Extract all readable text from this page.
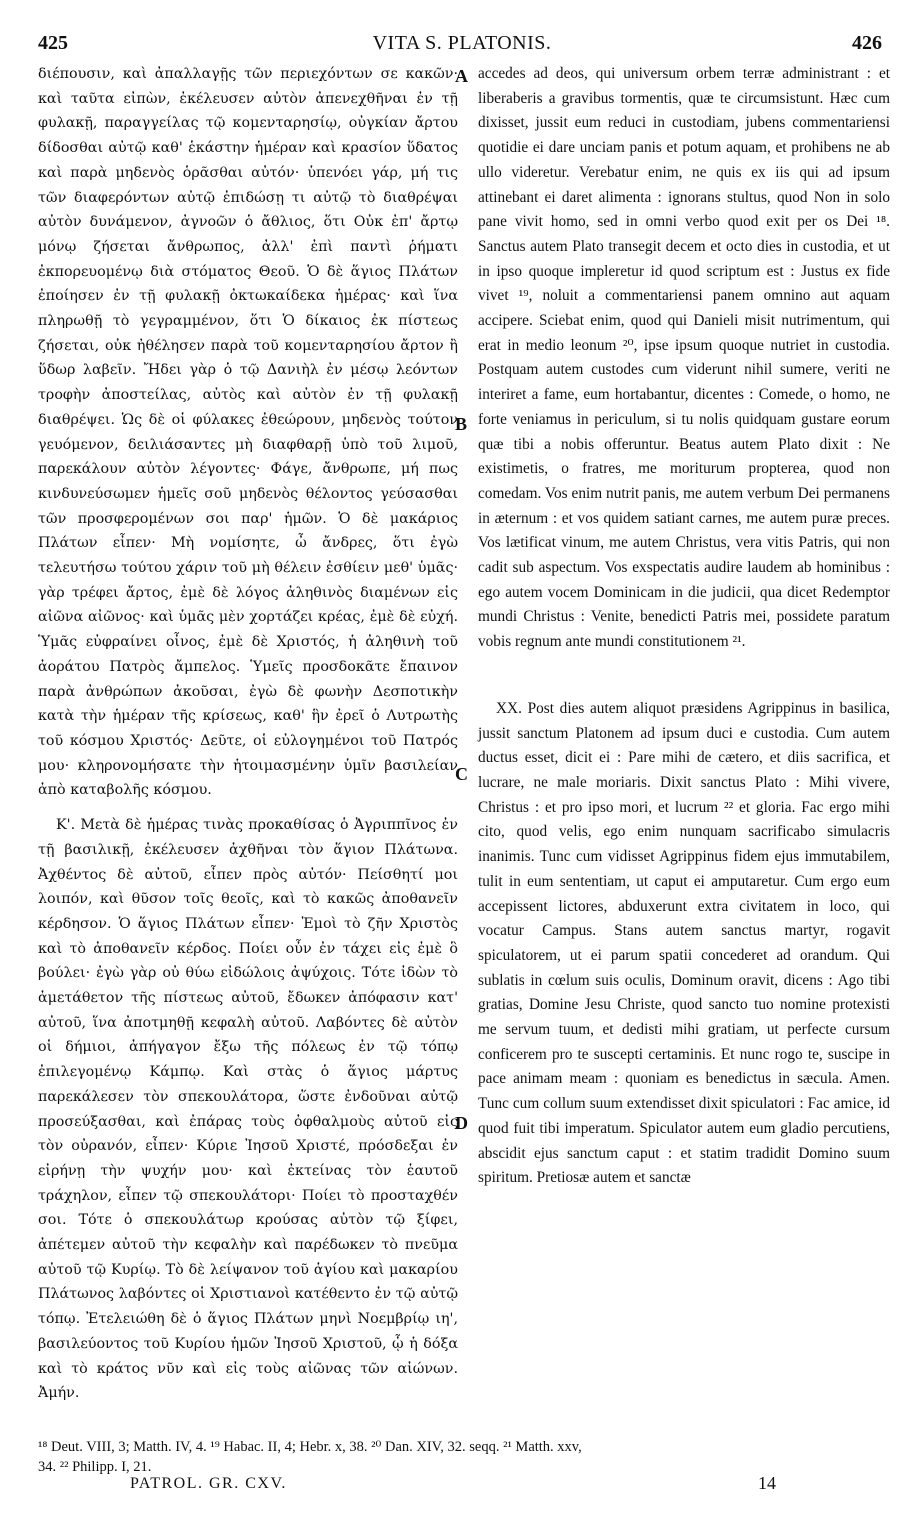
425	VITA S. PLATONIS.	426

διέπουσιν, καὶ ἀπαλλαγῇς τῶν περιεχόντων σε κακῶν· καὶ ταῦτα εἰπὼν, ἐκέλευσεν αὐτὸν ἀπενεχθῆναι ἐν τῇ φυλακῇ, παραγγείλας τῷ κομενταρησίῳ, οὐγκίαν ἄρτου δίδοσθαι αὐτῷ καθ' ἑκάστην ἡμέραν καὶ κρασίον ὕδατος καὶ παρὰ μηδενὸς ὁρᾶσθαι αὐτόν· ὑπενόει γάρ, μή τις τῶν διαφερόντων αὐτῷ ἐπιδώσῃ τι αὐτῷ τὸ διαθρέψαι αὐτὸν δυνάμενον, ἀγνοῶν ὁ ἄθλιος, ὅτι Οὐκ ἐπ' ἄρτῳ μόνῳ ζήσεται ἄνθρωπος, ἀλλ' ἐπὶ παντὶ ῥήματι ἐκπορευομένῳ διὰ στόματος Θεοῦ. Ὁ δὲ ἅγιος Πλάτων ἐποίησεν ἐν τῇ φυλακῇ ὀκτωκαίδεκα ἡμέρας· καὶ ἵνα πληρωθῇ τὸ γεγραμμένον, ὅτι Ὁ δίκαιος ἐκ πίστεως ζήσεται, οὐκ ἠθέλησεν παρὰ τοῦ κομενταρησίου ἄρτον ἢ ὕδωρ λαβεῖν. Ἤδει γὰρ ὁ τῷ Δανιὴλ ἐν μέσῳ λεόντων τροφὴν ἀποστείλας, αὐτὸς καὶ αὐτὸν ἐν τῇ φυλακῇ διαθρέψει. Ὡς δὲ οἱ φύλακες ἐθεώρουν, μηδενὸς τούτον γευόμενον, δειλιάσαντες μὴ διαφθαρῇ ὑπὸ τοῦ λιμοῦ, παρεκάλουν αὐτὸν λέγοντες· Φάγε, ἄνθρωπε, μή πως κινδυνεύσωμεν ἡμεῖς σοῦ μηδενὸς θέλοντος γεύσασθαι τῶν προσφερομένων σοι παρ' ἡμῶν. Ὁ δὲ μακάριος Πλάτων εἶπεν· Μὴ νομίσητε, ὦ ἄνδρες, ὅτι ἐγὼ τελευτήσω τούτου χάριν τοῦ μὴ θέλειν ἐσθίειν μεθ' ὑμᾶς· γὰρ τρέφει ἄρτος, ἐμὲ δὲ λόγος ἀληθινὸς διαμένων εἰς αἰῶνα αἰῶνος· καὶ ὑμᾶς μὲν χορτάζει κρέας, ἐμὲ δὲ εὐχή. Ὑμᾶς εὐφραίνει οἶνος, ἐμὲ δὲ Χριστός, ἡ ἀληθινὴ τοῦ ἀοράτου Πατρὸς ἄμπελος. Ὑμεῖς προσδοκᾶτε ἔπαινον παρὰ ἀνθρώπων ἀκοῦσαι, ἐγὼ δὲ φωνὴν Δεσποτικὴν κατὰ τὴν ἡμέραν τῆς κρίσεως, καθ' ἣν ἐρεῖ ὁ Λυτρωτὴς τοῦ κόσμου Χριστός· Δεῦτε, οἱ εὐλογημένοι τοῦ Πατρός μου· κληρονομήσατε τὴν ἡτοιμασμένην ὑμῖν βασιλείαν ἀπὸ καταβολῆς κόσμου.

Κ'. Μετὰ δὲ ἡμέρας τινὰς προκαθίσας ὁ Ἀγριππῖνος ἐν τῇ βασιλικῇ, ἐκέλευσεν ἀχθῆναι τὸν ἅγιον Πλάτωνα. Ἀχθέντος δὲ αὐτοῦ, εἶπεν πρὸς αὐτόν· Πείσθητί μοι λοιπόν, καὶ θῦσον τοῖς θεοῖς, καὶ τὸ κακῶς ἀποθανεῖν κέρδησον. Ὁ ἅγιος Πλάτων εἶπεν· Ἐμοὶ τὸ ζῆν Χριστὸς καὶ τὸ ἀποθανεῖν κέρδος. Ποίει οὖν ἐν τάχει εἰς ἐμὲ ὃ βούλει· ἐγὼ γὰρ οὐ θύω εἰδώλοις ἀψύχοις. Τότε ἰδὼν τὸ ἀμετάθετον τῆς πίστεως αὐτοῦ, ἔδωκεν ἀπόφασιν κατ' αὐτοῦ, ἵνα ἀποτμηθῇ κεφαλὴ αὐτοῦ. Λαβόντες δὲ αὐτὸν οἱ δήμιοι, ἀπήγαγον ἔξω τῆς πόλεως ἐν τῷ τόπῳ ἐπιλεγομένῳ Κάμπῳ. Καὶ στὰς ὁ ἅγιος μάρτυς παρεκάλεσεν τὸν σπεκουλάτορα, ὥστε ἐνδοῦναι αὐτῷ προσεύξασθαι, καὶ ἐπάρας τοὺς ὀφθαλμοὺς αὐτοῦ εἰς τὸν οὐρανόν, εἶπεν· Κύριε Ἰησοῦ Χριστέ, πρόσδεξαι ἐν εἰρήνῃ τὴν ψυχήν μου· καὶ ἐκτείνας τὸν ἑαυτοῦ τράχηλον, εἶπεν τῷ σπεκουλάτορι· Ποίει τὸ προσταχθέν σοι. Τότε ὁ σπεκουλάτωρ κρούσας αὐτὸν τῷ ξίφει, ἀπέτεμεν αὐτοῦ τὴν κεφαλὴν καὶ παρέδωκεν τὸ πνεῦμα αὐτοῦ τῷ Κυρίῳ. Τὸ δὲ λείψανον τοῦ ἁγίου καὶ μακαρίου Πλάτωνος λαβόντες οἱ Χριστιανοὶ κατέθεντο ἐν τῷ αὐτῷ τόπῳ. Ἐτελειώθη δὲ ὁ ἅγιος Πλάτων μηνὶ Νοεμβρίῳ ιη', βασιλεύοντος τοῦ Κυρίου ἡμῶν Ἰησοῦ Χριστοῦ, ᾧ ἡ δόξα καὶ τὸ κράτος νῦν καὶ εἰς τοὺς αἰῶνας τῶν αἰώνων. Ἀμήν.

A
B
C
D

accedes ad deos, qui universum orbem terræ administrant : et liberaberis a gravibus tormentis, quæ te circumsistunt. Hæc cum dixisset, jussit eum reduci in custodiam, jubens commentariensi quotidie ei dare unciam panis et potum aquam, et prohibens ne ab ullo videretur. Verebatur enim, ne quis ex iis qui ad ipsum attinebant ei daret alimenta : ignorans stultus, quod Non in solo pane vivit homo, sed in omni verbo quod exit per os Dei ¹⁸. Sanctus autem Plato transegit decem et octo dies in custodia, et ut in ipso quoque impleretur id quod scriptum est : Justus ex fide vivet ¹⁹, noluit a commentariensi panem omnino aut aquam accipere. Sciebat enim, quod qui Danieli misit nutrimentum, qui erat in medio leonum ²⁰, ipse ipsum quoque nutriet in custodia. Postquam autem custodes cum viderunt nihil sumere, veriti ne interiret a fame, eum hortabantur, dicentes : Comede, o homo, ne forte veniamus in periculum, si tu nolis quidquam gustare eorum quæ tibi a nobis offeruntur. Beatus autem Plato dixit : Ne existimetis, o fratres, me moriturum propterea, quod non comedam. Vos enim nutrit panis, me autem verbum Dei permanens in æternum : et vos quidem satiant carnes, me autem puræ preces. Vos lætificat vinum, me autem Christus, vera vitis Patris, qui non cadit sub aspectum. Vos exspectatis audire laudem ab hominibus : ego autem vocem Dominicam in die judicii, qua dicet Redemptor mundi Christus : Venite, benedicti Patris mei, possidete paratum vobis regnum ante mundi constitutionem ²¹.

XX. Post dies autem aliquot præsidens Agrippinus in basilica, jussit sanctum Platonem ad ipsum duci e custodia. Cum autem ductus esset, dicit ei : Pare mihi de cætero, et diis sacrifica, et lucrare, ne male moriaris. Dixit sanctus Plato : Mihi vivere, Christus : et pro ipso mori, et lucrum ²² et gloria. Fac ergo mihi cito, quod velis, ego enim nunquam sacrificabo simulacris inanimis. Tunc cum vidisset Agrippinus fidem ejus immutabilem, tulit in eum sententiam, ut caput ei amputaretur. Cum ergo eum accepissent lictores, abduxerunt extra civitatem in loco, qui vocatur Campus. Stans autem sanctus martyr, rogavit spiculatorem, ut ei parum spatii concederet ad orandum. Qui sublatis in cœlum suis oculis, Dominum oravit, dicens : Ago tibi gratias, Domine Jesu Christe, quod sancto tuo nomine protexisti me servum tuum, et dedisti mihi gratiam, ut perfecte cursum conficerem pro te suscepti certaminis. Et nunc rogo te, suscipe in pace animam meam : quoniam es benedictus in sæcula. Amen. Tunc cum collum suum extendisset dixit spiculatori : Fac amice, id quod fuit tibi imperatum. Spiculator autem eum gladio percutiens, abscidit ejus sanctum caput : et statim tradidit Domino suum spiritum. Pretiosæ autem et sanctæ

¹⁸ Deut. VIII, 3; Matth. IV, 4. ¹⁹ Habac. II, 4; Hebr. x, 38. ²⁰ Dan. XIV, 32. seqq. ²¹ Matth. xxv,

34. ²² Philipp. I, 21.

PATROL. GR. CXV.	14
